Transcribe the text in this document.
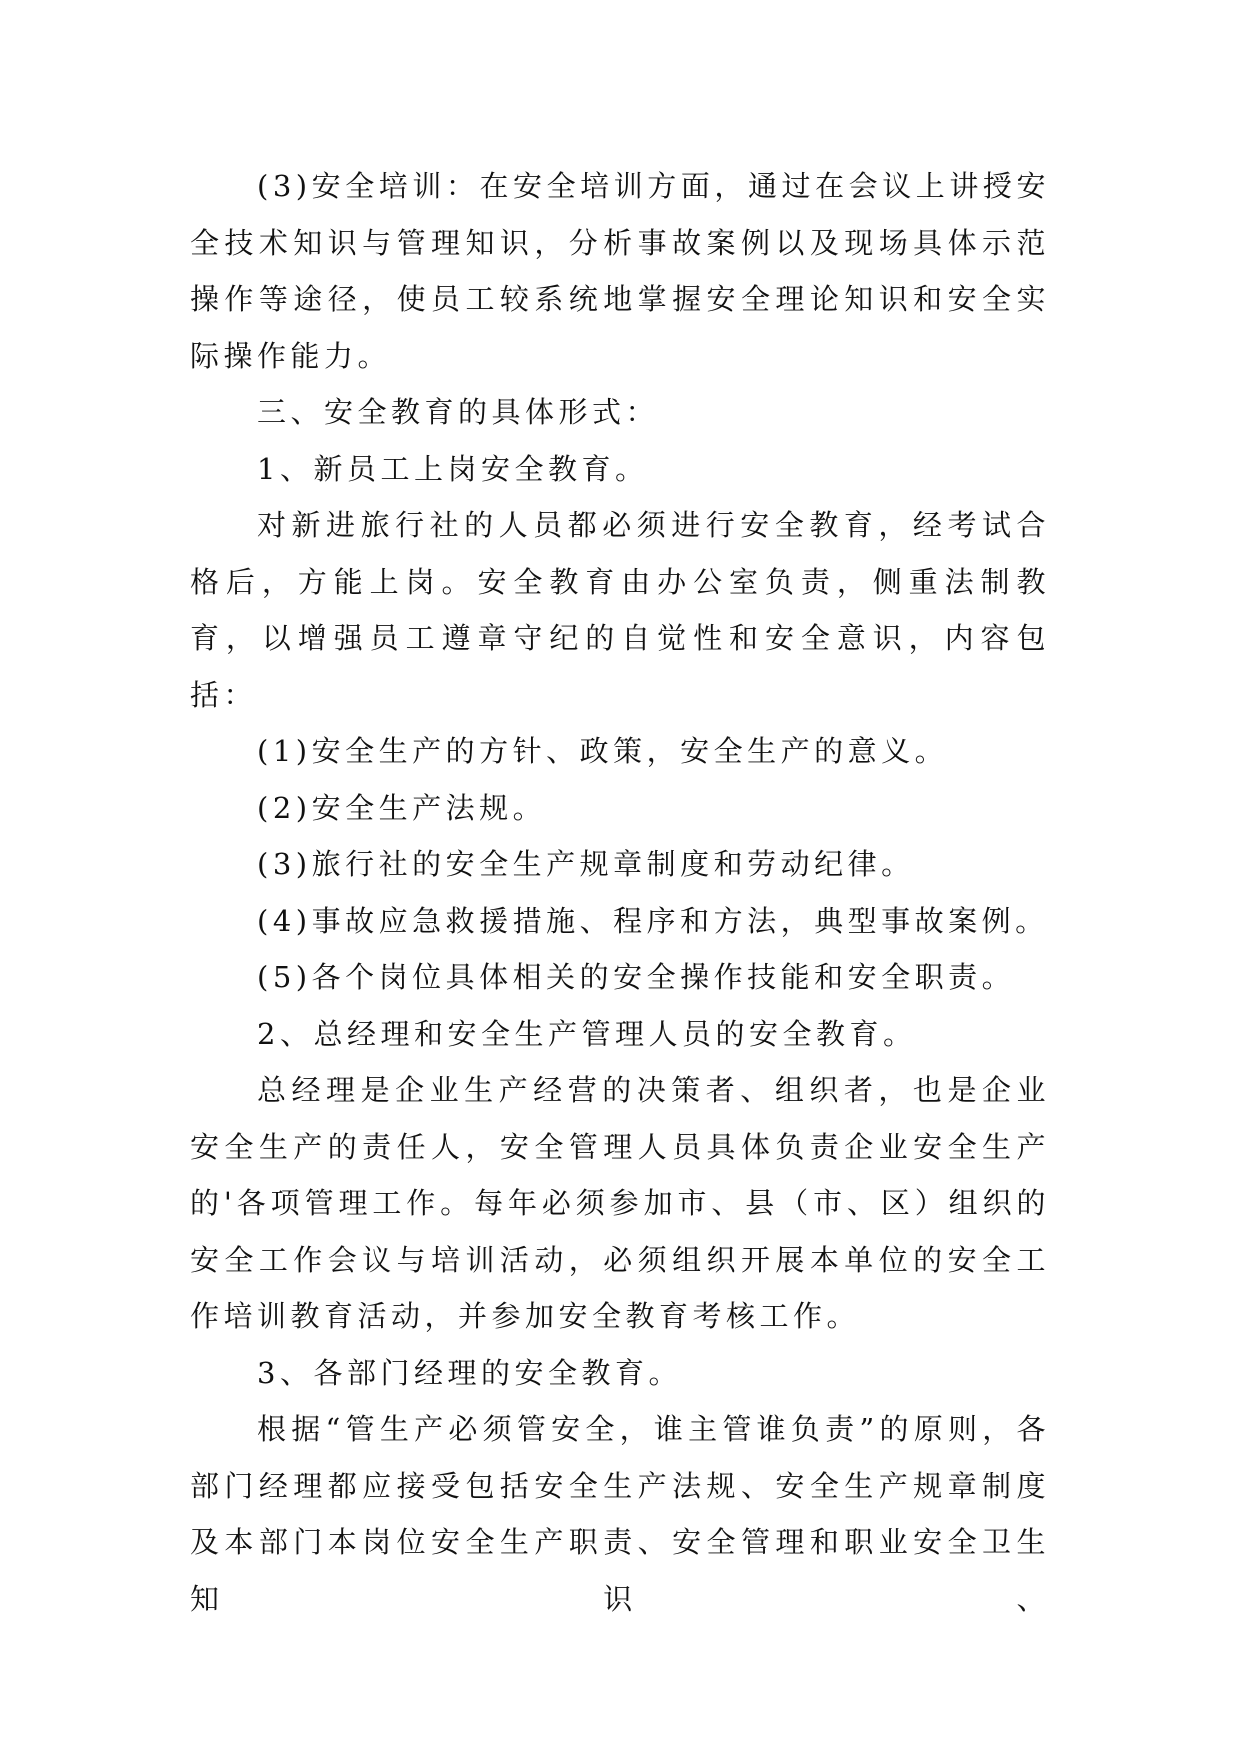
(3)安全培训：在安全培训方面，通过在会议上讲授安全技术知识与管理知识，分析事故案例以及现场具体示范操作等途径，使员工较系统地掌握安全理论知识和安全实际操作能力。

三、安全教育的具体形式：

1、新员工上岗安全教育。

对新进旅行社的人员都必须进行安全教育，经考试合格后，方能上岗。安全教育由办公室负责，侧重法制教育，以增强员工遵章守纪的自觉性和安全意识，内容包括：

(1)安全生产的方针、政策，安全生产的意义。

(2)安全生产法规。

(3)旅行社的安全生产规章制度和劳动纪律。

(4)事故应急救援措施、程序和方法，典型事故案例。

(5)各个岗位具体相关的安全操作技能和安全职责。

2、总经理和安全生产管理人员的安全教育。

总经理是企业生产经营的决策者、组织者，也是企业安全生产的责任人，安全管理人员具体负责企业安全生产的'各项管理工作。每年必须参加市、县（市、区）组织的安全工作会议与培训活动，必须组织开展本单位的安全工作培训教育活动，并参加安全教育考核工作。

3、各部门经理的安全教育。

根据“管生产必须管安全，谁主管谁负责”的原则，各部门经理都应接受包括安全生产法规、安全生产规章制度及本部门本岗位安全生产职责、安全管理和职业安全卫生知识、
